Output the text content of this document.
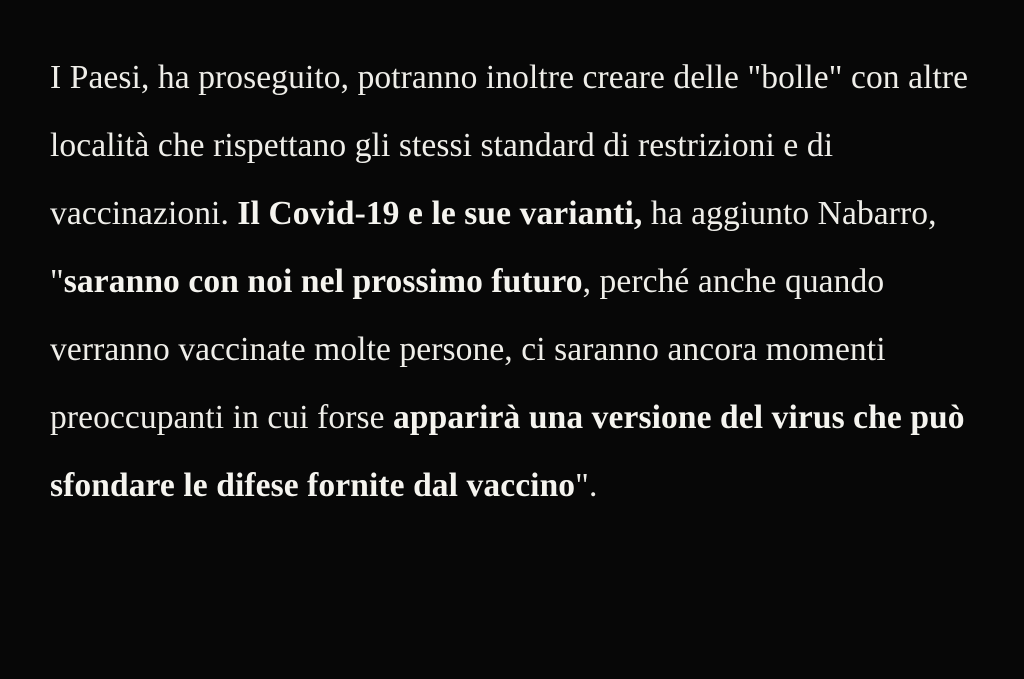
I Paesi, ha proseguito, potranno inoltre creare delle "bolle" con altre località che rispettano gli stessi standard di restrizioni e di vaccinazioni. Il Covid-19 e le sue varianti, ha aggiunto Nabarro, "saranno con noi nel prossimo futuro, perché anche quando verranno vaccinate molte persone, ci saranno ancora momenti preoccupanti in cui forse apparirà una versione del virus che può sfondare le difese fornite dal vaccino".
